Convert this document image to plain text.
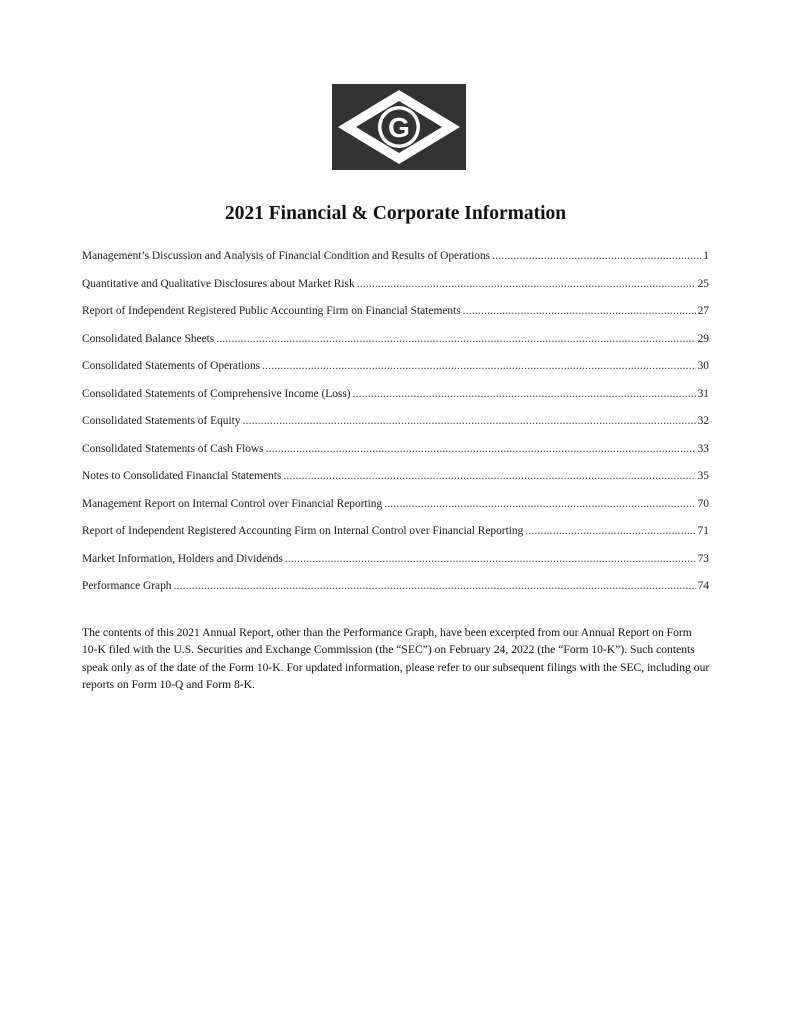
G
2021 Financial & Corporate Information
Management’s Discussion and Analysis of Financial Condition and Results of Operations .....	1
Quantitative and Qualitative Disclosures about Market Risk .....	25
Report of Independent Registered Public Accounting Firm on Financial Statements .....	27
Consolidated Balance Sheets .....	29
Consolidated Statements of Operations .....	30
Consolidated Statements of Comprehensive Income (Loss) .....	31
Consolidated Statements of Equity .....	32
Consolidated Statements of Cash Flows .....	33
Notes to Consolidated Financial Statements .....	35
Management Report on Internal Control over Financial Reporting .....	70
Report of Independent Registered Accounting Firm on Internal Control over Financial Reporting .....	71
Market Information, Holders and Dividends .....	73
Performance Graph .....	74

The contents of this 2021 Annual Report, other than the Performance Graph, have been excerpted from our Annual Report on Form 10-K filed with the U.S. Securities and Exchange Commission (the “SEC”) on February 24, 2022 (the “Form 10-K”). Such contents speak only as of the date of the Form 10-K. For updated information, please refer to our subsequent filings with the SEC, including our reports on Form 10-Q and Form 8-K.
